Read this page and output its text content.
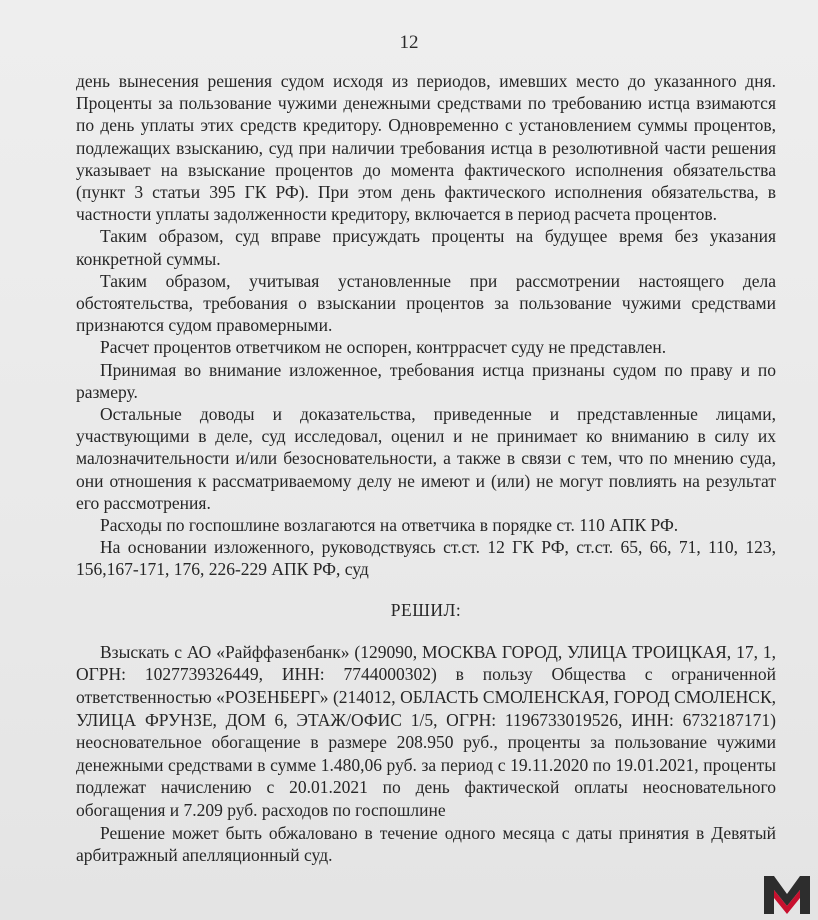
12

день вынесения решения судом исходя из периодов, имевших место до указанного дня. Проценты за пользование чужими денежными средствами по требованию истца взимаются по день уплаты этих средств кредитору. Одновременно с установлением суммы процентов, подлежащих взысканию, суд при наличии требования истца в резолютивной части решения указывает на взыскание процентов до момента фактического исполнения обязательства (пункт 3 статьи 395 ГК РФ). При этом день фактического исполнения обязательства, в частности уплаты задолженности кредитору, включается в период расчета процентов.

Таким образом, суд вправе присуждать проценты на будущее время без указания конкретной суммы.

Таким образом, учитывая установленные при рассмотрении настоящего дела обстоятельства, требования о взыскании процентов за пользование чужими средствами признаются судом правомерными.

Расчет процентов ответчиком не оспорен, контррасчет суду не представлен.

Принимая во внимание изложенное, требования истца признаны судом по праву и по размеру.

Остальные доводы и доказательства, приведенные и представленные лицами, участвующими в деле, суд исследовал, оценил и не принимает ко вниманию в силу их малозначительности и/или безосновательности, а также в связи с тем, что по мнению суда, они отношения к рассматриваемому делу не имеют и (или) не могут повлиять на результат его рассмотрения.

Расходы по госпошлине возлагаются на ответчика в порядке ст. 110 АПК РФ.

На основании изложенного, руководствуясь ст.ст. 12 ГК РФ, ст.ст. 65, 66, 71, 110, 123, 156,167-171, 176, 226-229 АПК РФ, суд

РЕШИЛ:

Взыскать с АО «Райффазенбанк» (129090, МОСКВА ГОРОД, УЛИЦА ТРОИЦКАЯ, 17, 1, ОГРН: 1027739326449, ИНН: 7744000302) в пользу Общества с ограниченной ответственностью «РОЗЕНБЕРГ» (214012, ОБЛАСТЬ СМОЛЕНСКАЯ, ГОРОД СМОЛЕНСК, УЛИЦА ФРУНЗЕ, ДОМ 6, ЭТАЖ/ОФИС 1/5, ОГРН: 1196733019526, ИНН: 6732187171) неосновательное обогащение в размере 208.950 руб., проценты за пользование чужими денежными средствами в сумме 1.480,06 руб. за период с 19.11.2020 по 19.01.2021, проценты подлежат начислению с 20.01.2021 по день фактической оплаты неосновательного обогащения и 7.209 руб. расходов по госпошлине

Решение может быть обжаловано в течение одного месяца с даты принятия в Девятый арбитражный апелляционный суд.
